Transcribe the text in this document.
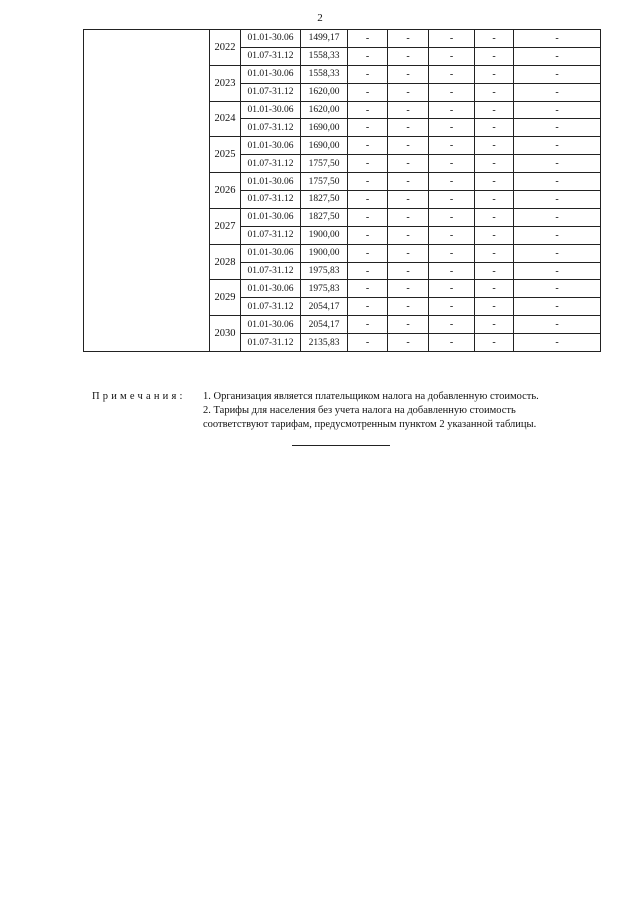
2
	2022	01.01-30.06	1499,17	-	-	-	-	-
		01.07-31.12	1558,33	-	-	-	-	-
	2023	01.01-30.06	1558,33	-	-	-	-	-
		01.07-31.12	1620,00	-	-	-	-	-
	2024	01.01-30.06	1620,00	-	-	-	-	-
		01.07-31.12	1690,00	-	-	-	-	-
	2025	01.01-30.06	1690,00	-	-	-	-	-
		01.07-31.12	1757,50	-	-	-	-	-
	2026	01.01-30.06	1757,50	-	-	-	-	-
		01.07-31.12	1827,50	-	-	-	-	-
	2027	01.01-30.06	1827,50	-	-	-	-	-
		01.07-31.12	1900,00	-	-	-	-	-
	2028	01.01-30.06	1900,00	-	-	-	-	-
		01.07-31.12	1975,83	-	-	-	-	-
	2029	01.01-30.06	1975,83	-	-	-	-	-
		01.07-31.12	2054,17	-	-	-	-	-
	2030	01.01-30.06	2054,17	-	-	-	-	-
		01.07-31.12	2135,83	-	-	-	-	-
Примечания: 1. Организация является плательщиком налога на добавленную стоимость.
2. Тарифы для населения без учета налога на добавленную стоимость
соответствуют тарифам, предусмотренным пунктом 2 указанной таблицы.
